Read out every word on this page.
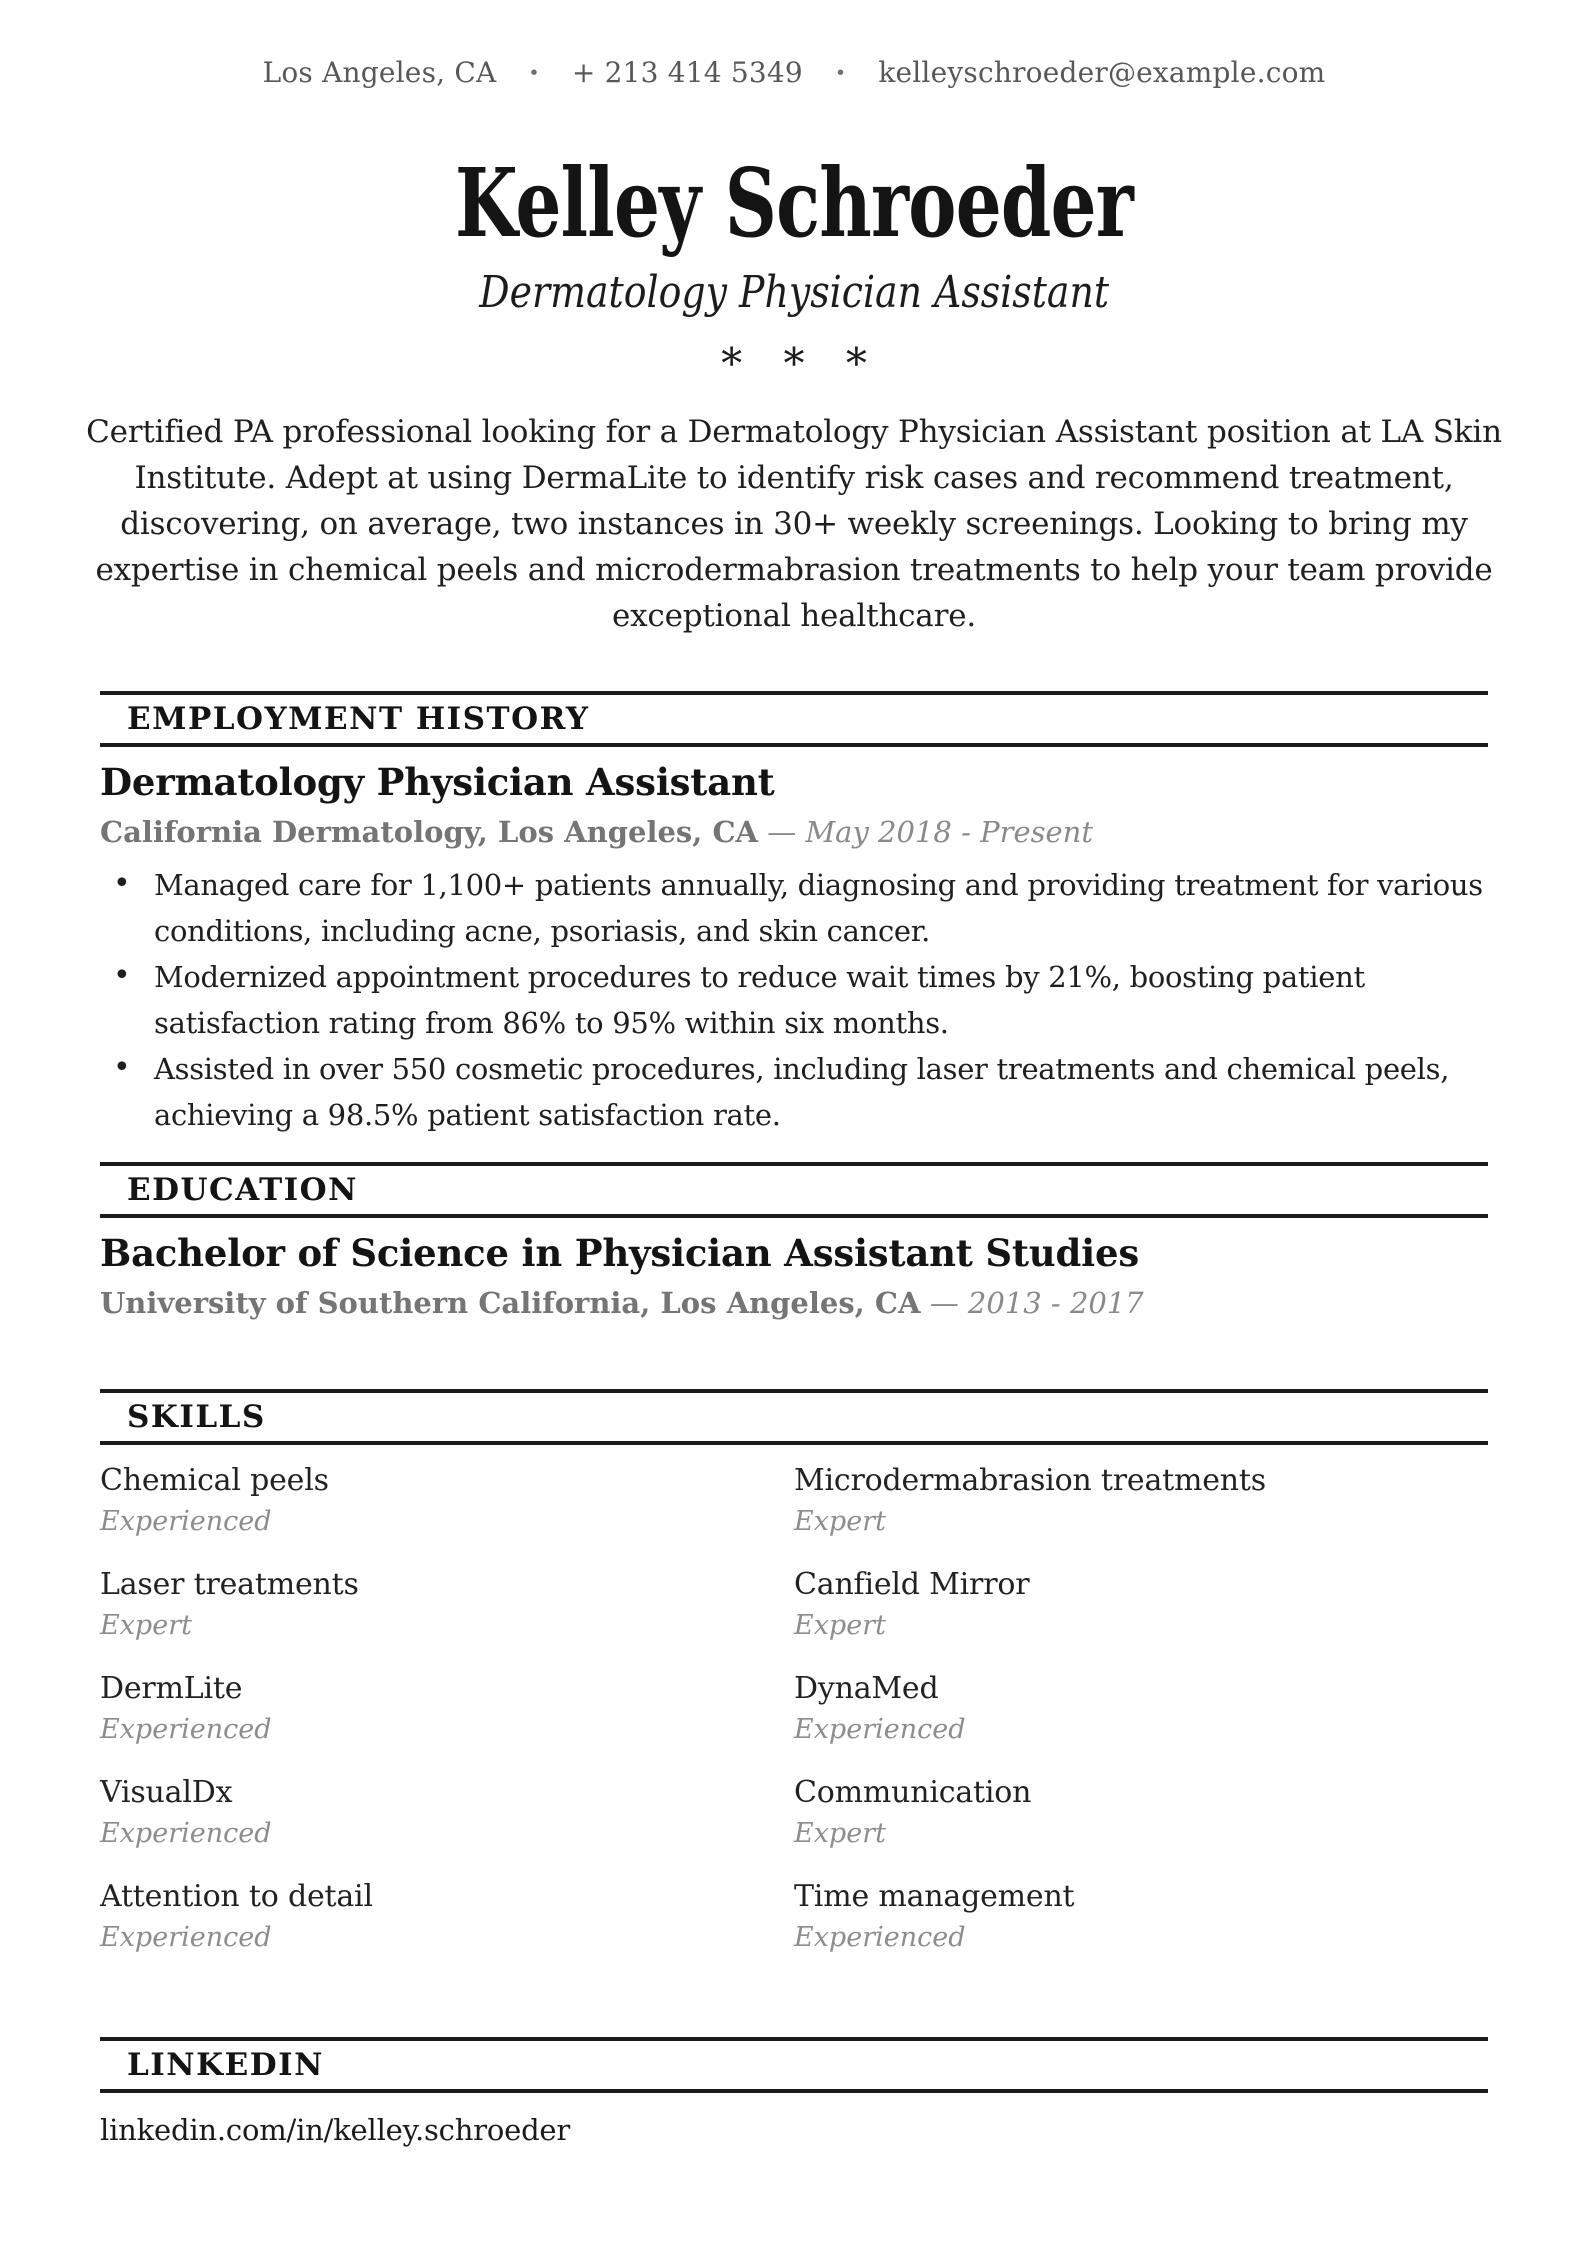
Los Angeles, CA • + 213 414 5349 • kelleyschroeder@example.com
Kelley Schroeder
Dermatology Physician Assistant
* * *

Certified PA professional looking for a Dermatology Physician Assistant position at LA Skin Institute. Adept at using DermaLite to identify risk cases and recommend treatment, discovering, on average, two instances in 30+ weekly screenings. Looking to bring my expertise in chemical peels and microdermabrasion treatments to help your team provide exceptional healthcare.

EMPLOYMENT HISTORY
Dermatology Physician Assistant
California Dermatology, Los Angeles, CA — May 2018 - Present
• Managed care for 1,100+ patients annually, diagnosing and providing treatment for various conditions, including acne, psoriasis, and skin cancer.
• Modernized appointment procedures to reduce wait times by 21%, boosting patient satisfaction rating from 86% to 95% within six months.
• Assisted in over 550 cosmetic procedures, including laser treatments and chemical peels, achieving a 98.5% patient satisfaction rate.
EDUCATION
Bachelor of Science in Physician Assistant Studies
University of Southern California, Los Angeles, CA — 2013 - 2017
SKILLS
Chemical peels
Experienced
Microdermabrasion treatments
Expert
Laser treatments
Expert
Canfield Mirror
Expert
DermLite
Experienced
DynaMed
Experienced
VisualDx
Experienced
Communication
Expert
Attention to detail
Experienced
Time management
Experienced
LINKEDIN
linkedin.com/in/kelley.schroeder
